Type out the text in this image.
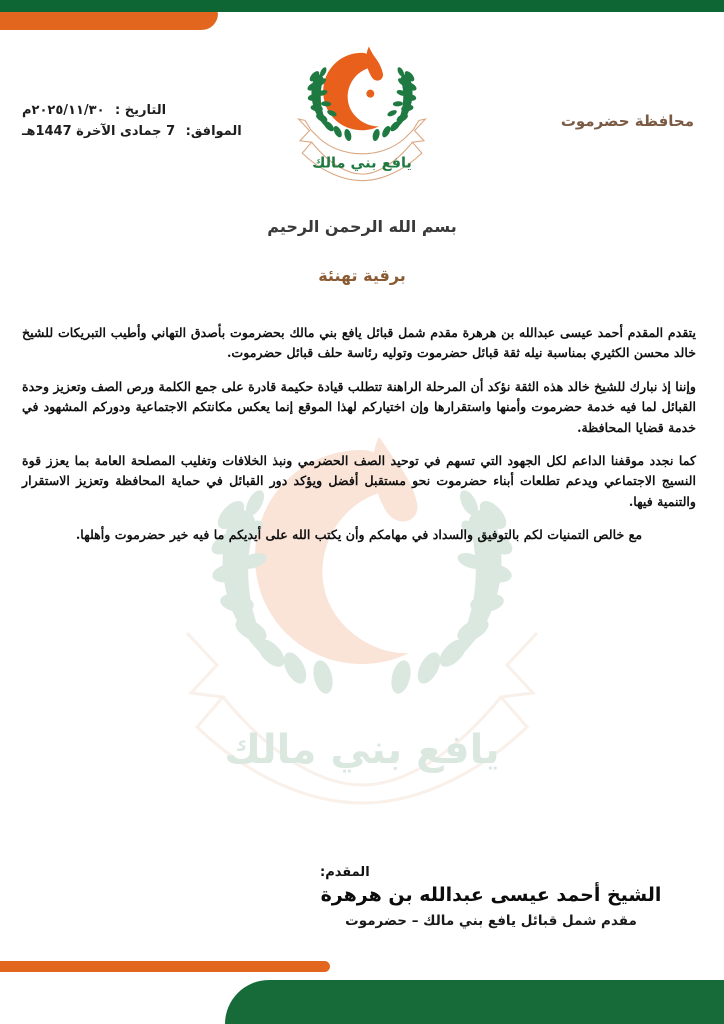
يافع بني مالك
محافظة حضرموت
التاريخ : ٢٠٢٥/١١/٣٠م
الموافق: 7 جمادى الآخرة 1447هـ
يافع بني مالك
بسم الله الرحمن الرحيم
برقية تهنئة

يتقدم المقدم أحمد عيسى عبدالله بن هرهرة مقدم شمل قبائل يافع بني مالك بحضرموت بأصدق التهاني وأطيب التبريكات للشيخ خالد محسن الكثيري بمناسبة نيله ثقة قبائل حضرموت وتوليه رئاسة حلف قبائل حضرموت.

وإننا إذ نبارك للشيخ خالد هذه الثقة نؤكد أن المرحلة الراهنة تتطلب قيادة حكيمة قادرة على جمع الكلمة ورص الصف وتعزيز وحدة القبائل لما فيه خدمة حضرموت وأمنها واستقرارها وإن اختياركم لهذا الموقع إنما يعكس مكانتكم الاجتماعية ودوركم المشهود في خدمة قضايا المحافظة.

كما نجدد موقفنا الداعم لكل الجهود التي تسهم في توحيد الصف الحضرمي ونبذ الخلافات وتغليب المصلحة العامة بما يعزز قوة النسيج الاجتماعي ويدعم تطلعات أبناء حضرموت نحو مستقبل أفضل ويؤكد دور القبائل في حماية المحافظة وتعزيز الاستقرار والتنمية فيها.

مع خالص التمنيات لكم بالتوفيق والسداد في مهامكم وأن يكتب الله على أيديكم ما فيه خير حضرموت وأهلها.

المقدم:
الشيخ أحمد عيسى عبدالله بن هرهرة
مقدم شمل قبائل يافع بني مالك – حضرموت
